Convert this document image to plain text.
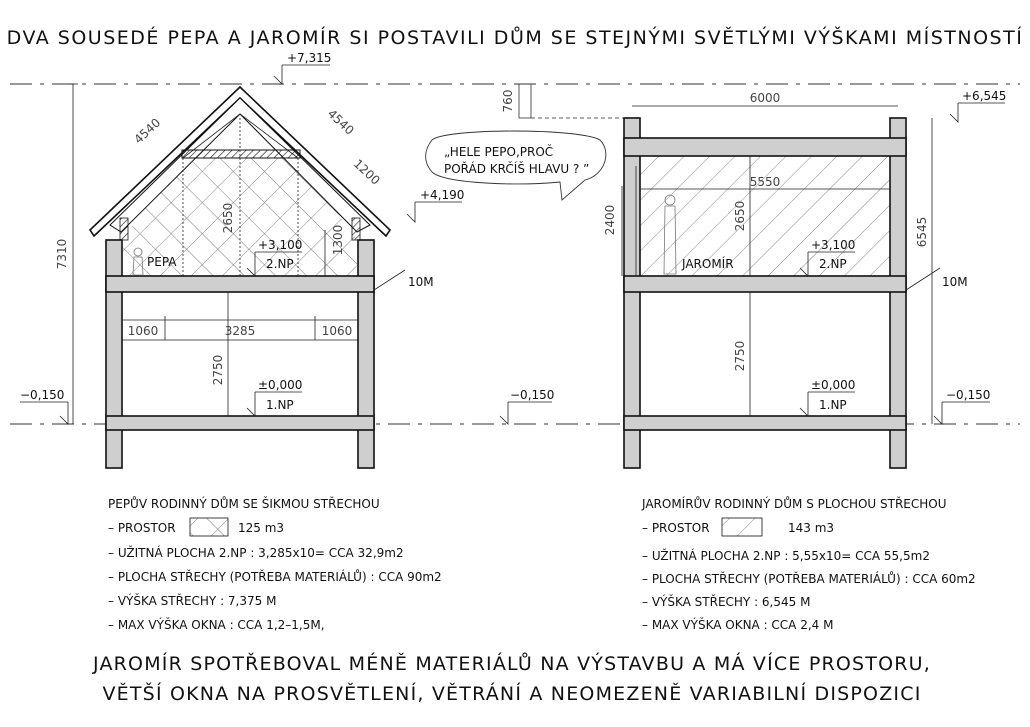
DVA SOUSEDÉ PEPA A JAROMÍR SI POSTAVILI DŮM SE STEJNÝMI SVĚTLÝMI VÝŠKAMI MÍSTNOSTÍ
PEPA
4540	4540
1200
2650
1300
7310
1060	3285	1060
2750
+7,315
+4,190
+3,100
2.NP
±0,000
1.NP
−0,150
10M
−0,150
„HELE PEPO,PROČ
POŘÁD KRČÍŠ HLAVU ? ”
JAROMÍR
6000
5550
2650
2750
2400	6545
760	+6,545
+3,100
2.NP
±0,000
1.NP
−0,150
10M
PEPŮV RODINNÝ DŮM SE ŠIKMOU STŘECHOU
– PROSTOR	125 m3
– UŽITNÁ PLOCHA 2.NP : 3,285x10= CCA 32,9m2
– PLOCHA STŘECHY (POTŘEBA MATERIÁLŮ) : CCA 90m2
– VÝŠKA STŘECHY : 7,375 M
– MAX VÝŠKA OKNA : CCA 1,2–1,5M,
JAROMÍRŮV RODINNÝ DŮM S PLOCHOU STŘECHOU
– PROSTOR	143 m3
– UŽITNÁ PLOCHA 2.NP : 5,55x10= CCA 55,5m2
– PLOCHA STŘECHY (POTŘEBA MATERIÁLŮ) : CCA 60m2
– VÝŠKA STŘECHY : 6,545 M
– MAX VÝŠKA OKNA : CCA 2,4 M
JAROMÍR SPOTŘEBOVAL MÉNĚ MATERIÁLŮ NA VÝSTAVBU A MÁ VÍCE PROSTORU,
VĚTŠÍ OKNA NA PROSVĚTLENÍ, VĚTRÁNÍ A NEOMEZENĚ VARIABILNÍ DISPOZICI
